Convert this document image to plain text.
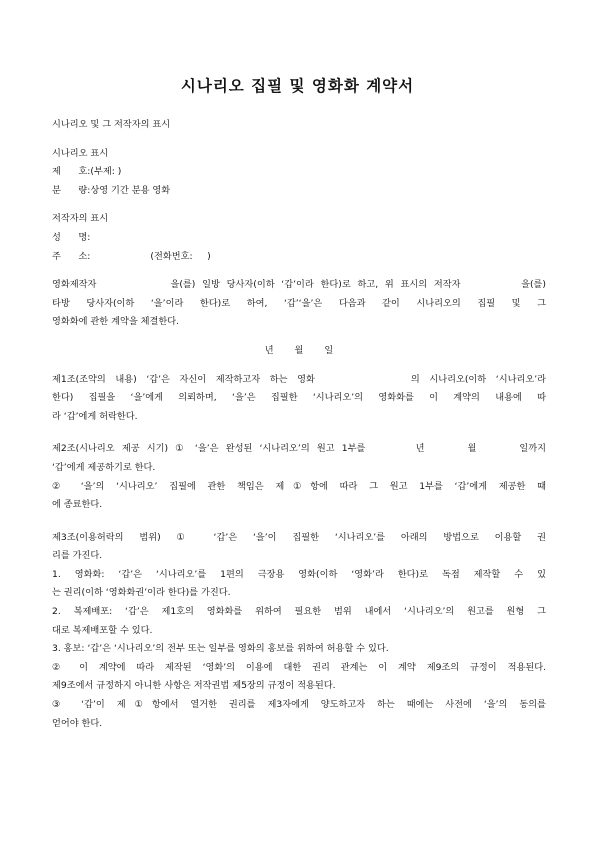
시나리오 집필 및 영화화 계약서
시나리오 및 그 저작자의 표시
시나리오 표시
제      호:(부제: )
분      량:상영 기간 분용 영화
저작자의 표시
성      명:
주      소:	(전화번호:     )
영화제작자           을(를) 일방 당사자(이하 ‘갑’이라 한다)로 하고, 위 표시의 저작자         을(를)
타방 당사자(이하 ‘을’이라 한다)로 하여, ‘갑’‘을’은 다음과 같이 시나리오의 집필 및 그
영화화에 관한 계약을 체결한다.
년 월 일
제1조(조약의 내용) ‘갑’은 자신이 제작하고자 하는 영화          의 시나리오(이하 ‘시나리오’라
한다) 집필을 ‘을’에게 의뢰하며, ‘을’은 집필한 ‘시나리오’의 영화화를 이 계약의 내용에 따
라 ‘갑’에게 허락한다.
제2조(시나리오 제공 시기) ① ‘을’은 완성된 ‘시나리오’의 원고 1부를       년      월      일까지
‘갑’에게 제공하기로 한다.
② ‘을’의 ‘시나리오’ 집필에 관한 책임은 제①항에 따라 그 원고 1부를 ‘갑’에게 제공한 때
에 종료한다.
제3조(이용허락의 범위) ① ‘갑’은 ‘을’이 집필한 ‘시나리오’를 아래의 방법으로 이용할 권
리를 가진다.
1. 영화화: ‘갑’은 ‘시나리오’를 1편의 극장용 영화(이하 ‘영화’라 한다)로 독점 제작할 수 있
는 권리(이하 ‘영화화권’이라 한다)를 가진다.
2. 복제배포: ‘갑’은 제1호의 영화화를 위하여 필요한 범위 내에서 ‘시나리오’의 원고를 원형 그
대로 복제배포할 수 있다.
3. 홍보: ‘갑’은 ‘시나리오’의 전부 또는 일부를 영화의 홍보를 위하여 허용할 수 있다.
② 이 계약에 따라 제작된 ‘영화’의 이용에 대한 권리 관계는 이 계약 제9조의 규정이 적용된다.
제9조에서 규정하지 아니한 사항은 저작권법 제5장의 규정이 적용된다.
③ ‘갑’이 제①항에서 열거한 권리를 제3자에게 양도하고자 하는 때에는 사전에 ‘을’의 동의를
얻어야 한다.
